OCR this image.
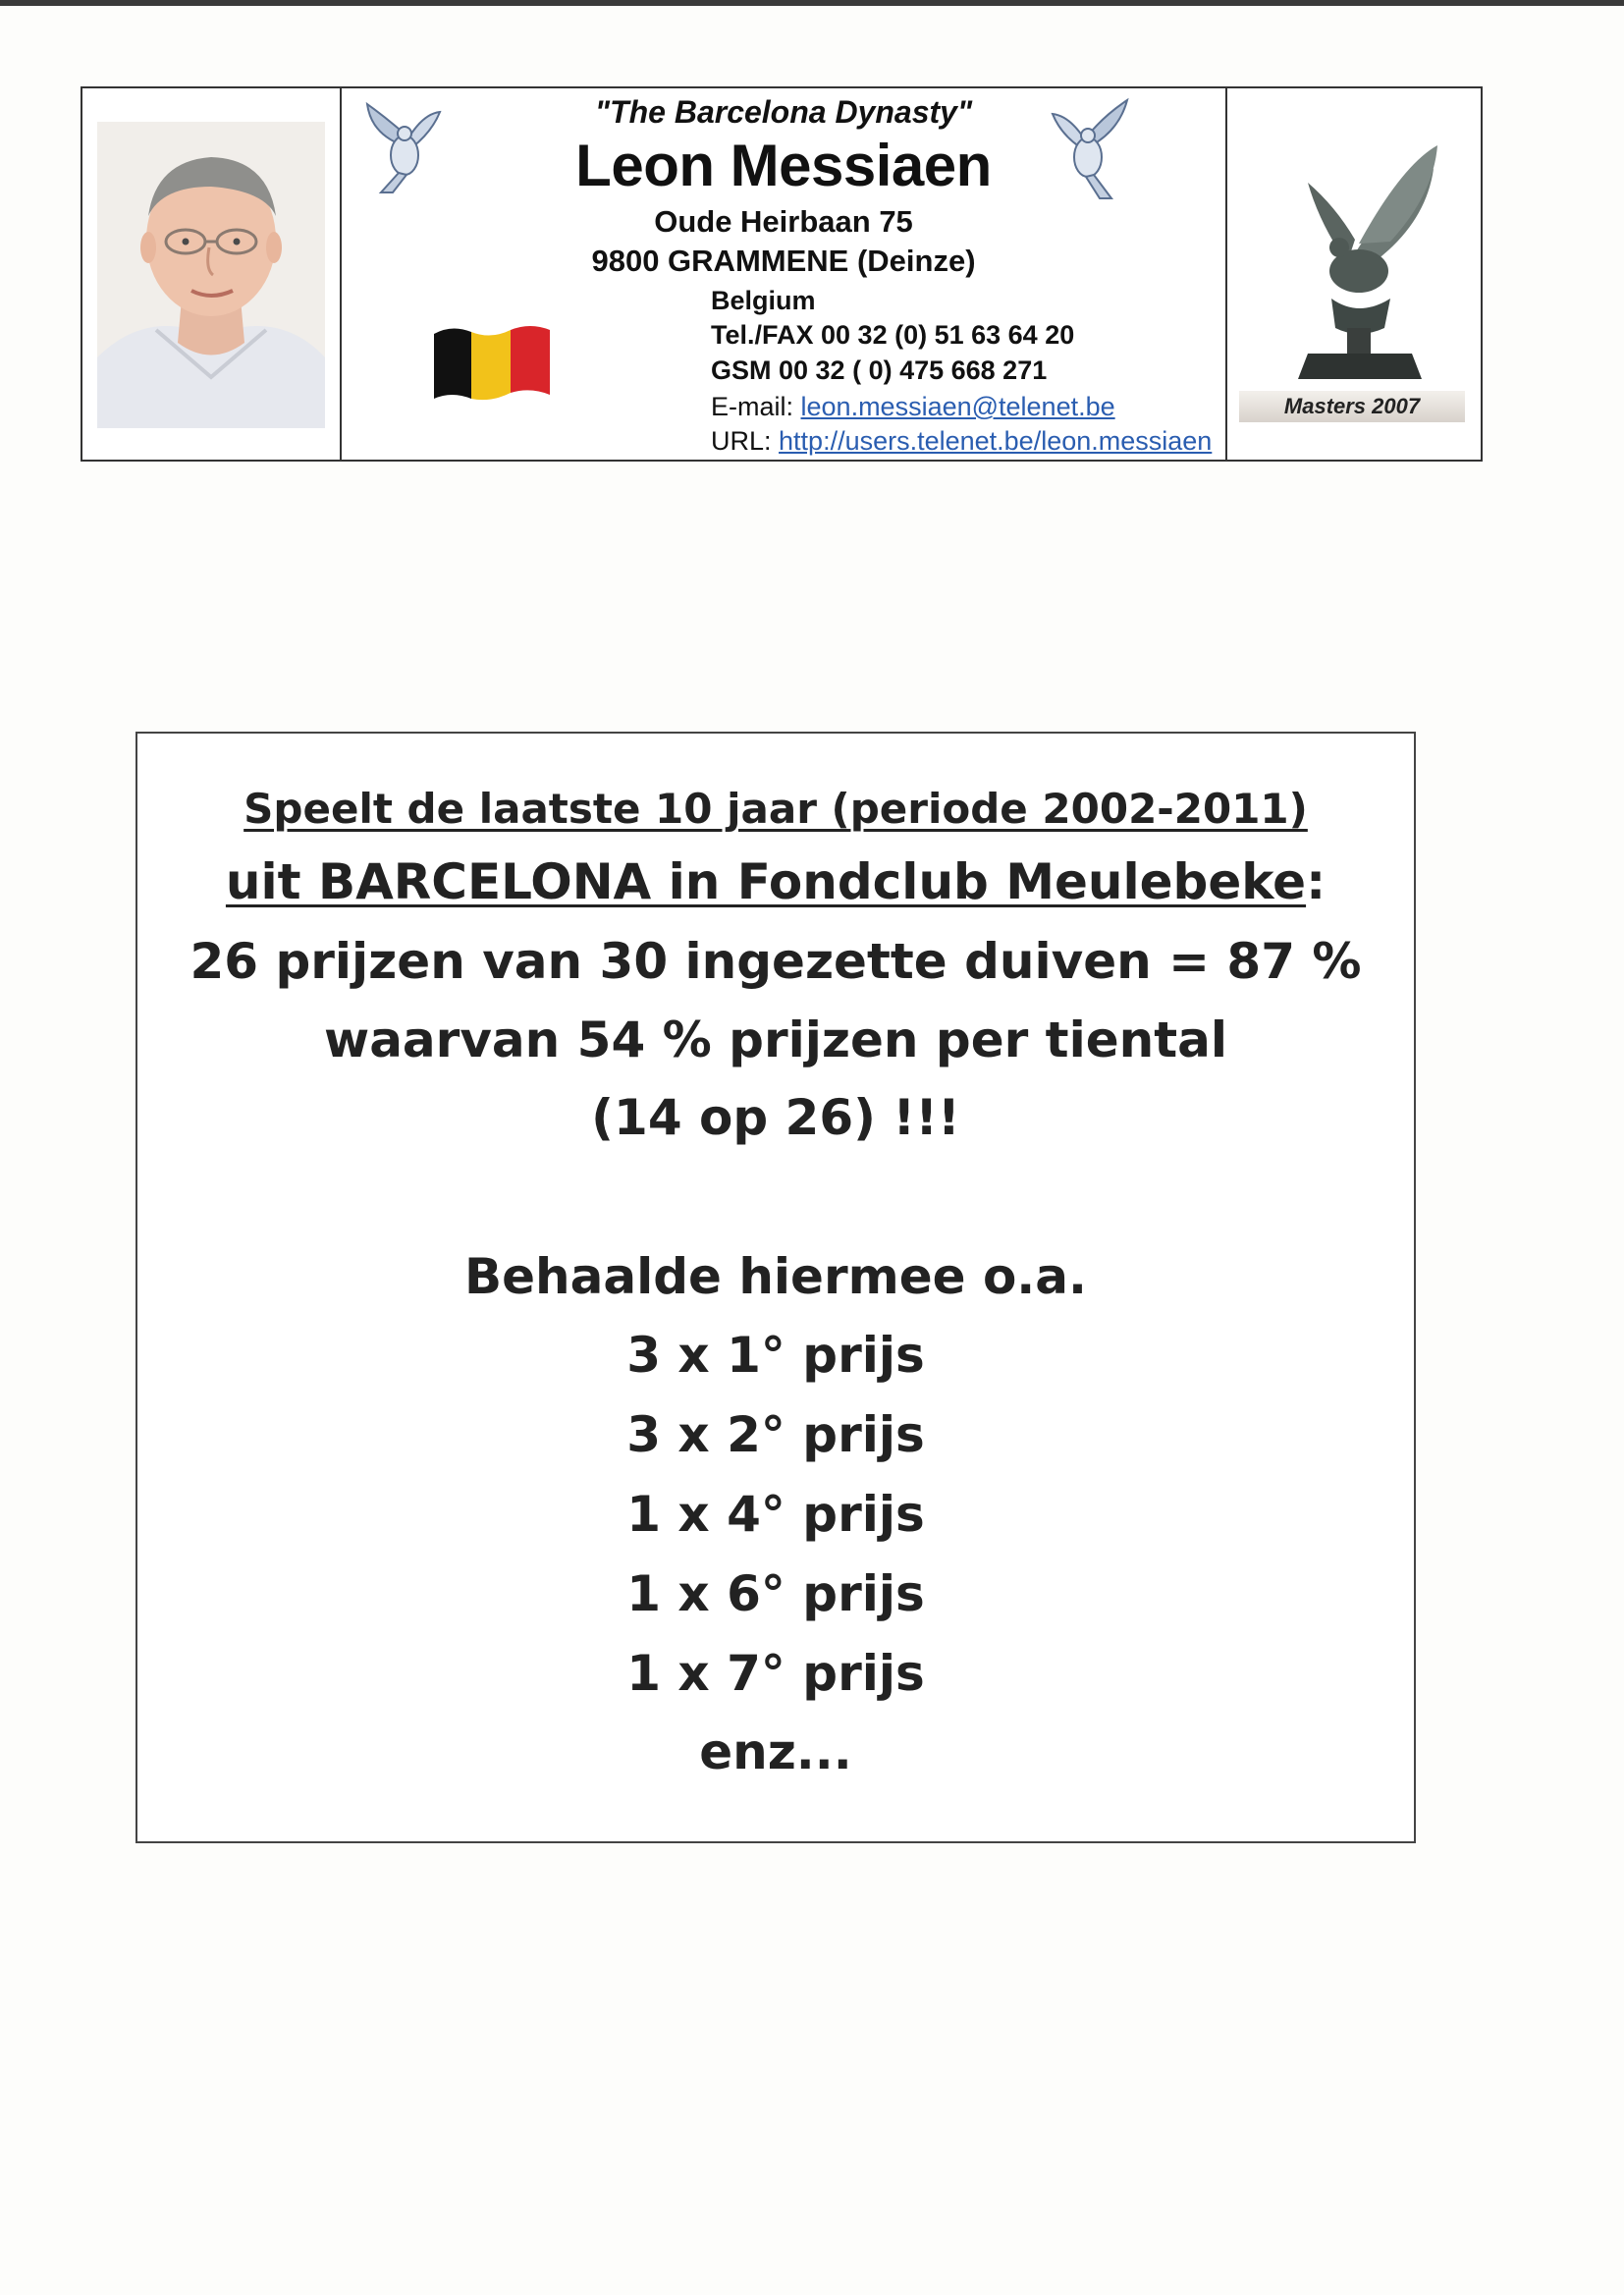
"The Barcelona Dynasty"
Leon Messiaen
Oude Heirbaan 75
9800 GRAMMENE (Deinze)
Belgium
Tel./FAX 00 32 (0) 51 63 64 20
GSM 00 32 ( 0) 475 668 271
E-mail: leon.messiaen@telenet.be
URL: http://users.telenet.be/leon.messiaen
Masters 2007
Speelt de laatste 10 jaar (periode 2002-2011)
uit BARCELONA in Fondclub Meulebeke:
26 prijzen van 30 ingezette duiven = 87 %
waarvan 54 % prijzen per tiental
(14 op 26) !!!
Behaalde hiermee o.a.
3 x 1° prijs
3 x 2° prijs
1 x 4° prijs
1 x 6° prijs
1 x 7° prijs
enz...
